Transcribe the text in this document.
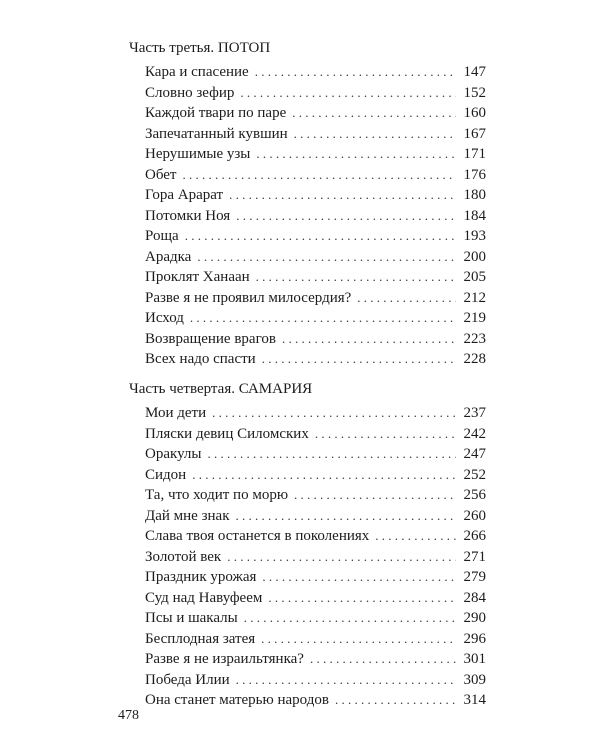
Часть третья. ПОТОП
Кара и спасение . . .	147
Словно зефир . . .	152
Каждой твари по паре . . .	160
Запечатанный кувшин . . .	167
Нерушимые узы . . .	171
Обет . . .	176
Гора Арарат . . .	180
Потомки Ноя . . .	184
Роща . . .	193
Арадка . . .	200
Проклят Ханаан . . .	205
Разве я не проявил милосердия? . . .	212
Исход . . .	219
Возвращение врагов . . .	223
Всех надо спасти . . .	228
Часть четвертая. САМАРИЯ
Мои дети . . .	237
Пляски девиц Силомских . . .	242
Оракулы . . .	247
Сидон . . .	252
Та, что ходит по морю . . .	256
Дай мне знак . . .	260
Слава твоя останется в поколениях . . .	266
Золотой век . . .	271
Праздник урожая . . .	279
Суд над Навуфеем . . .	284
Псы и шакалы . . .	290
Бесплодная затея . . .	296
Разве я не израильтянка? . . .	301
Победа Илии . . .	309
Она станет матерью народов . . .	314
478
